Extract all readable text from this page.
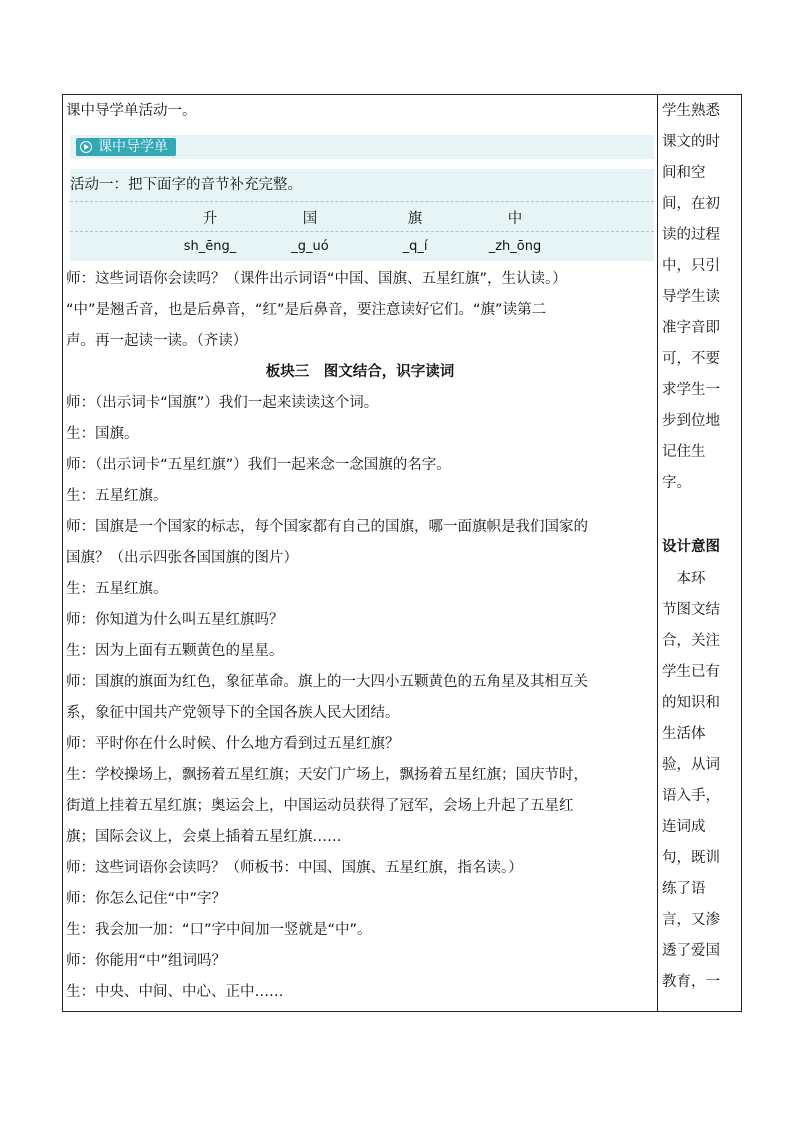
课中导学单活动一。
课中导学单
活动一：把下面字的音节补充完整。
升	国	旗	中
sh_ēng_	_g_uó	_q_í	_zh_ōng
师：这些词语你会读吗？（课件出示词语“中国、国旗、五星红旗”，生认读。）
“中”是翘舌音，也是后鼻音，“红”是后鼻音，要注意读好它们。“旗”读第二
声。再一起读一读。（齐读）
板块三　图文结合，识字读词
师：（出示词卡“国旗”）我们一起来读读这个词。
生：国旗。
师：（出示词卡“五星红旗”）我们一起来念一念国旗的名字。
生：五星红旗。
师：国旗是一个国家的标志，每个国家都有自己的国旗，哪一面旗帜是我们国家的
国旗？（出示四张各国国旗的图片）
生：五星红旗。
师：你知道为什么叫五星红旗吗？
生：因为上面有五颗黄色的星星。
师：国旗的旗面为红色，象征革命。旗上的一大四小五颗黄色的五角星及其相互关
系，象征中国共产党领导下的全国各族人民大团结。
师：平时你在什么时候、什么地方看到过五星红旗？
生：学校操场上，飘扬着五星红旗；天安门广场上，飘扬着五星红旗；国庆节时，
街道上挂着五星红旗；奥运会上，中国运动员获得了冠军，会场上升起了五星红
旗；国际会议上，会桌上插着五星红旗……
师：这些词语你会读吗？（师板书：中国、国旗、五星红旗，指名读。）
师：你怎么记住“中”字？
生：我会加一加：“口”字中间加一竖就是“中”。
师：你能用“中”组词吗？
生：中央、中间、中心、正中……
学生熟悉
课文的时
间和空
间，在初
读的过程
中，只引
导学生读
准字音即
可，不要
求学生一
步到位地
记住生
字。
设计意图
　本环
节图文结
合，关注
学生已有
的知识和
生活体
验，从词
语入手，
连词成
句，既训
练了语
言，又渗
透了爱国
教育，一
